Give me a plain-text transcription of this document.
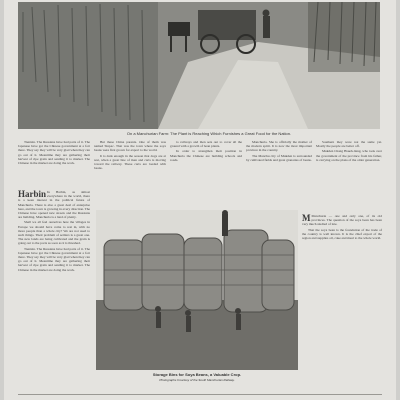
On a Manchurian Farm: The Plant is Reaching Which Furnishes a Great Food for the Nation.

Tientsin. The Russians have had parts of it. The Japanese have got the Chinese government at a fort there. They say they will be very glad when they can go out of it. Meantime they are gathering their harvest of ripe grain and sending it to market. The Chinese in the market are doing the work.

But these China parents. One of them was named Sinpac. That was the town where the soya beans were first grown for export to the world.

It is dark enough in the season that dogs are at rest, when a great line of men and carts is moving toward the railway. These carts are loaded with beans.

to railways and then sets out to cover all the ground with a growth of bean plants.

In order to strengthen their position in Manchuria the Chinese are building schools and roads.

Manchuria. She is officially the mother of the modern spirit. It is now the most important province in the country.

The Manchu city of Mukden is surrounded by cultivated fields and great granaries of beans.

Southern they were not the same yet. Mostly the people are better off.

Mukden Chang Hsueh-liang, who took over the government of the province from his father, is carrying on the plans of the older generation.

Harbin In Harbin, as almost everywhere in the world, there is a keen interest in the political future of Manchuria. There is also a great deal of enterprise here, and the town is growing in every direction. The Chinese have opened new streets and the Russians are building. Manchuria is a land of plenty.

Shall we all feel ourselves here the villages in Europe we should have come to rest in, with no more people than a whole city? We are not used to such things. Their problem of settlers is a great one. The new lands are being cultivated and the grain is going out to the ports as soon as it is threshed.

Tientsin. The Russians have had parts of it. The Japanese have got the Chinese government at a fort there. They say they will be very glad when they can go out of it. Meantime they are gathering their harvest of ripe grain and sending it to market. The Chinese in the market are doing the work.

Storage Bins for Soya Beans, a Valuable Crop.
Photographs Courtesy of the South Manchurian Railway.

M Manchuria — one and only one, of its old provinces. The question of the soya bean has been very much studied of late.

That the soya bean is the foundation of the trade of the country is well known. It is the chief export of the region and supplies oil, cake and meal to the whole world.
